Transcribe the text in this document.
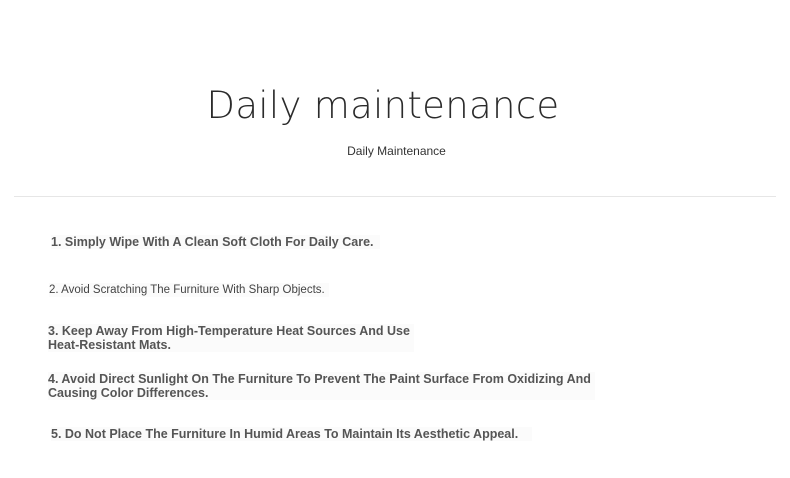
Daily maintenance
Daily Maintenance
1. Simply Wipe With A Clean Soft Cloth For Daily Care.
2. Avoid Scratching The Furniture With Sharp Objects.
3. Keep Away From High-Temperature Heat Sources And Use
Heat-Resistant Mats.
4. Avoid Direct Sunlight On The Furniture To Prevent The Paint Surface From Oxidizing And
Causing Color Differences.
5. Do Not Place The Furniture In Humid Areas To Maintain Its Aesthetic Appeal.
